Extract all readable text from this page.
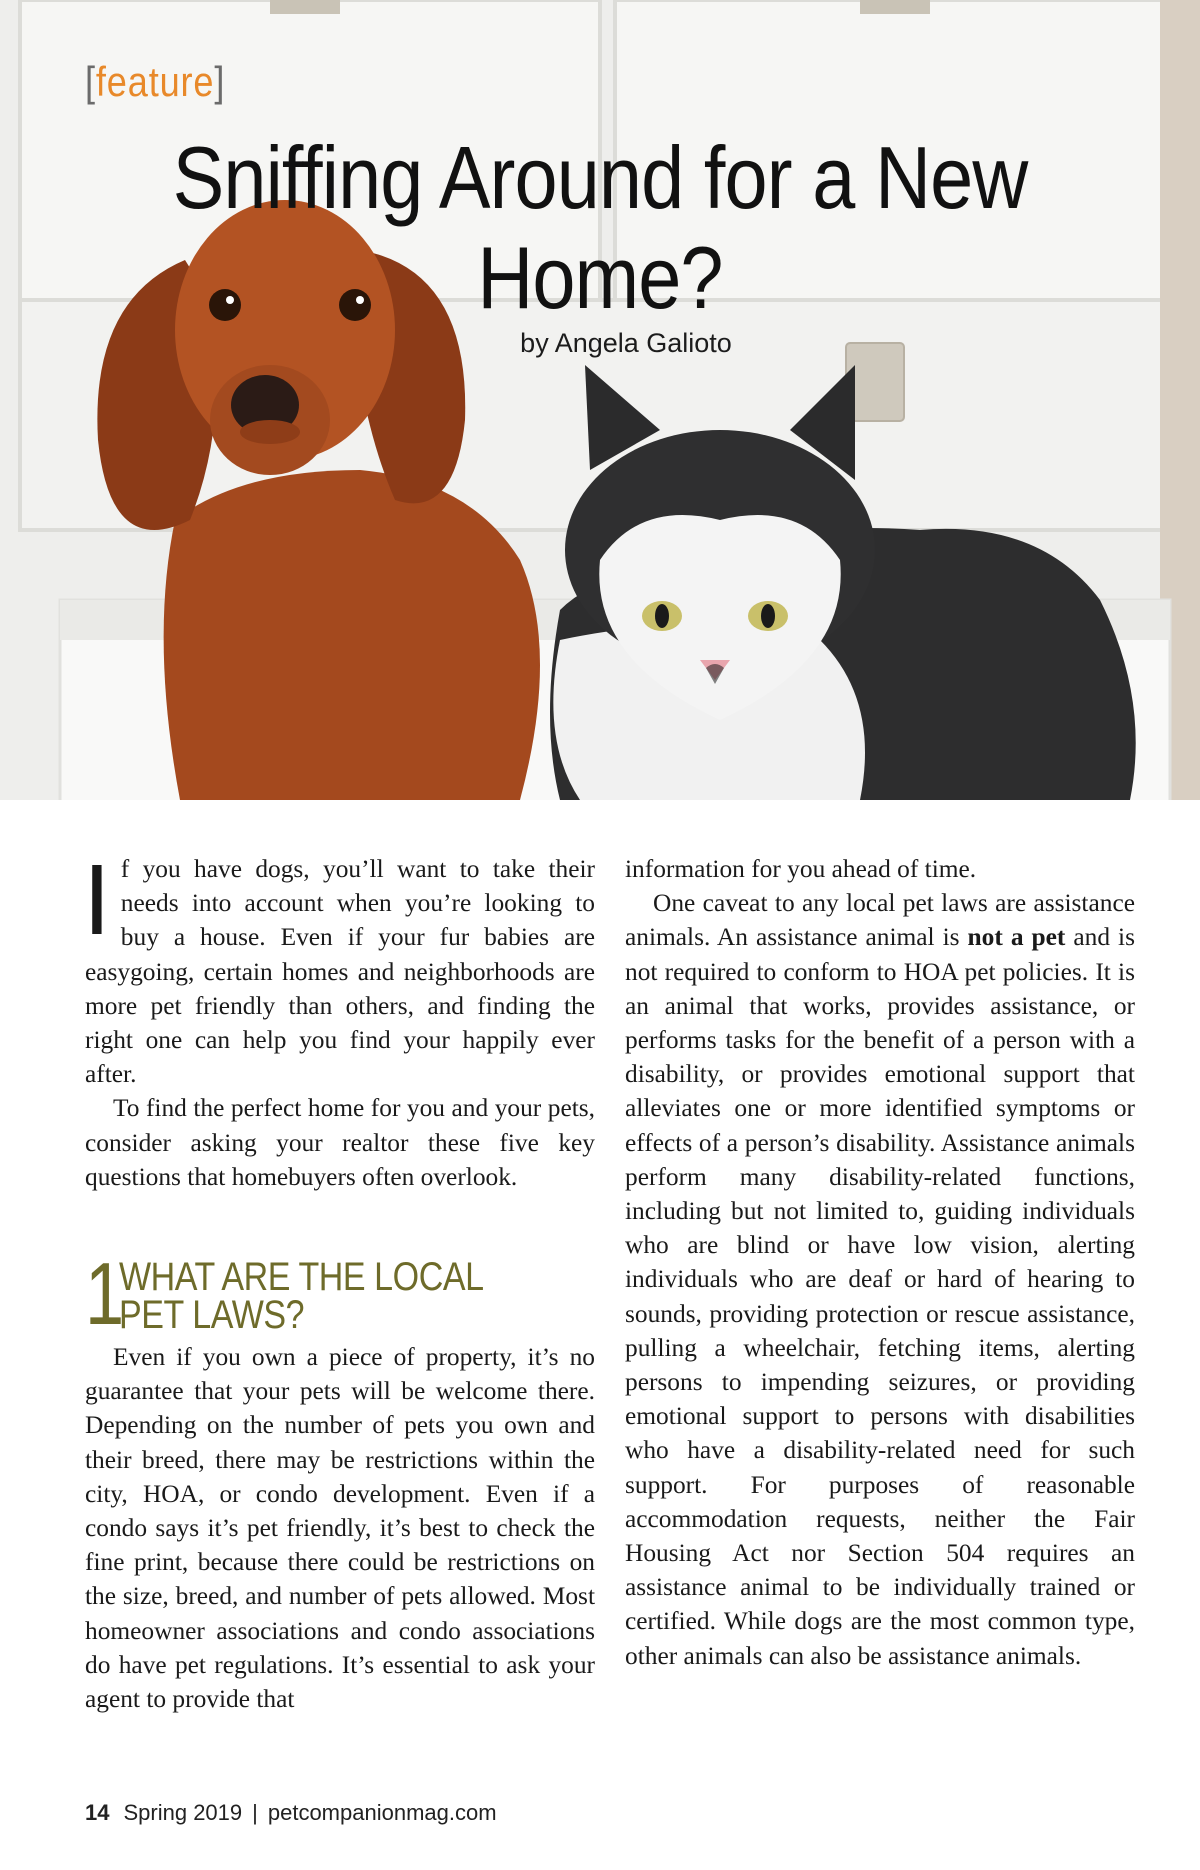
[feature]
Sniffing Around for a New Home?
by Angela Galioto

If you have dogs, you’ll want to take their needs into account when you’re looking to buy a house. Even if your fur babies are easygoing, certain homes and neighborhoods are more pet friendly than others, and finding the right one can help you find your happily ever after.

To find the perfect home for you and your pets, consider asking your realtor these five key questions that homebuyers often overlook.

1
WHAT ARE THE LOCAL PET LAWS?

Even if you own a piece of property, it’s no guarantee that your pets will be welcome there. Depending on the number of pets you own and their breed, there may be restrictions within the city, HOA, or condo development. Even if a condo says it’s pet friendly, it’s best to check the fine print, because there could be restrictions on the size, breed, and number of pets allowed. Most homeowner associations and condo associations do have pet regulations. It’s essential to ask your agent to provide that

information for you ahead of time.

One caveat to any local pet laws are assistance animals. An assistance animal is not a pet and is not required to conform to HOA pet policies. It is an animal that works, provides assistance, or performs tasks for the benefit of a person with a disability, or provides emotional support that alleviates one or more identified symptoms or effects of a person’s disability. Assistance animals perform many disability-related functions, including but not limited to, guiding individuals who are blind or have low vision, alerting individuals who are deaf or hard of hearing to sounds, providing protection or rescue assistance, pulling a wheelchair, fetching items, alerting persons to impending seizures, or providing emotional support to persons with disabilities who have a disability-related need for such support. For purposes of reasonable accommodation requests, neither the Fair Housing Act nor Section 504 requires an assistance animal to be individually trained or certified. While dogs are the most common type, other animals can also be assistance animals.

14 Spring 2019 | petcompanionmag.com
